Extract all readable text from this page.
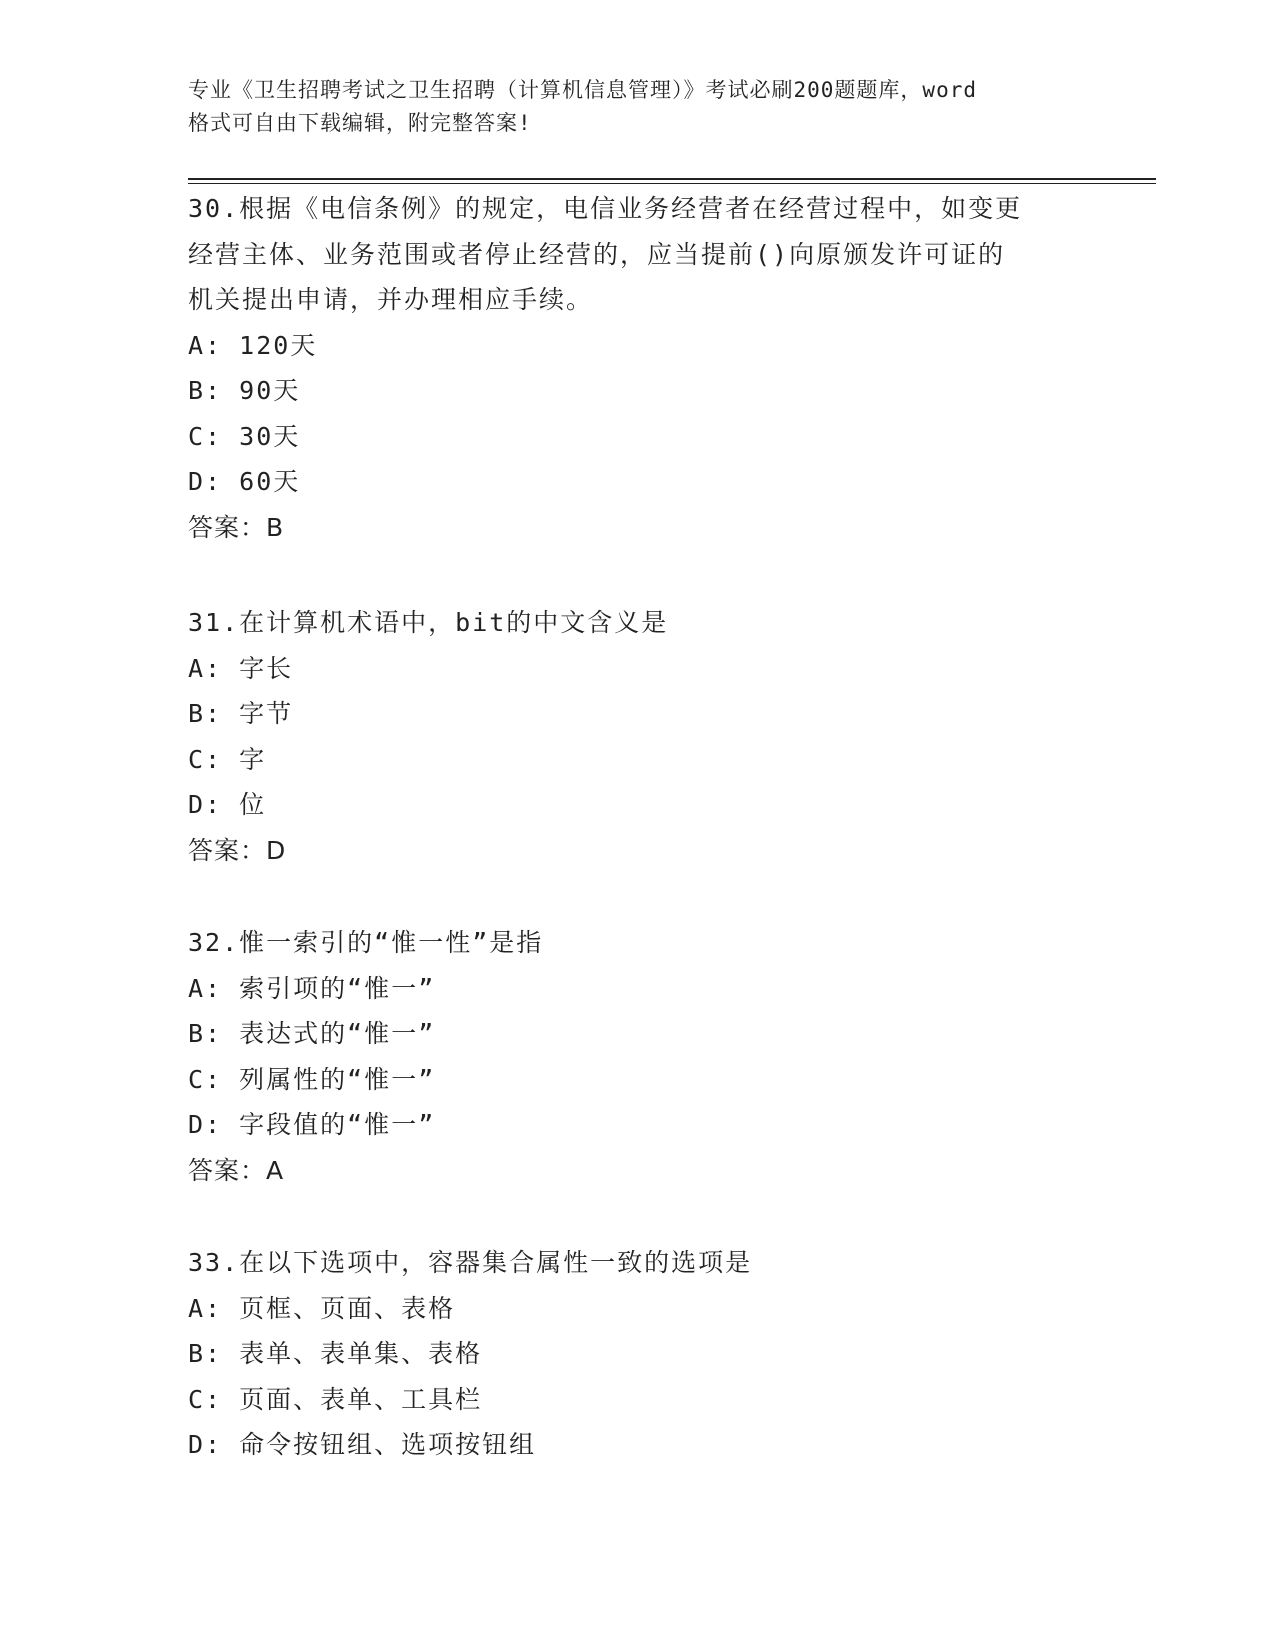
专业《卫生招聘考试之卫生招聘（计算机信息管理）》考试必刷200题题库，word
格式可自由下载编辑，附完整答案!
30.根据《电信条例》的规定，电信业务经营者在经营过程中，如变更
经营主体、业务范围或者停止经营的，应当提前()向原颁发许可证的
机关提出申请，并办理相应手续。
A: 120天
B: 90天
C: 30天
D: 60天
答案：B
31.在计算机术语中，bit的中文含义是
A: 字长
B: 字节
C: 字
D: 位
答案：D
32.惟一索引的“惟一性”是指
A: 索引项的“惟一”
B: 表达式的“惟一”
C: 列属性的“惟一”
D: 字段值的“惟一”
答案：A
33.在以下选项中，容器集合属性一致的选项是
A: 页框、页面、表格
B: 表单、表单集、表格
C: 页面、表单、工具栏
D: 命令按钮组、选项按钮组
